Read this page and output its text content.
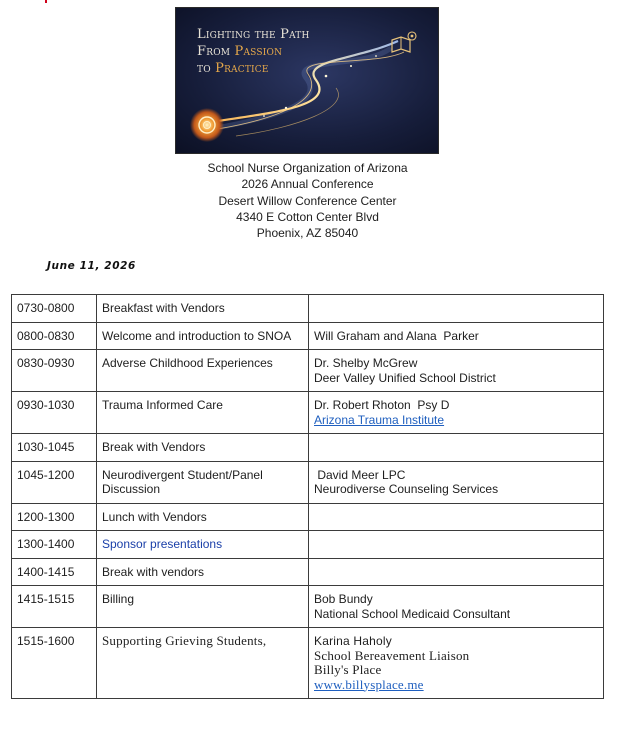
Lighting the Path
From Passion
to Practice
School Nurse Organization of Arizona
2026 Annual Conference
Desert Willow Conference Center
4340 E Cotton Center Blvd
Phoenix, AZ 85040
June 11, 2026
0730-0800	Breakfast with Vendors	
0800-0830	Welcome and introduction to SNOA	Will Graham and Alana  Parker

0830-0930	Adverse Childhood Experiences	Dr. Shelby McGrew
Deer Valley Unified School District

0930-1030	Trauma Informed Care	Dr. Robert Rhoton  Psy D
Arizona Trauma Institute

1030-1045	Break with Vendors	
1045-1200	Neurodivergent Student/Panel
Discussion	David Meer LPC
Neurodiverse Counseling Services

1200-1300	Lunch with Vendors	
1300-1400	Sponsor presentations	
1400-1415	Break with vendors	
1415-1515	Billing	Bob Bundy
National School Medicaid Consultant

1515-1600	Supporting Grieving Students,	Karina Haholy
School Bereavement Liaison
Billy's Place
www.billysplace.me
